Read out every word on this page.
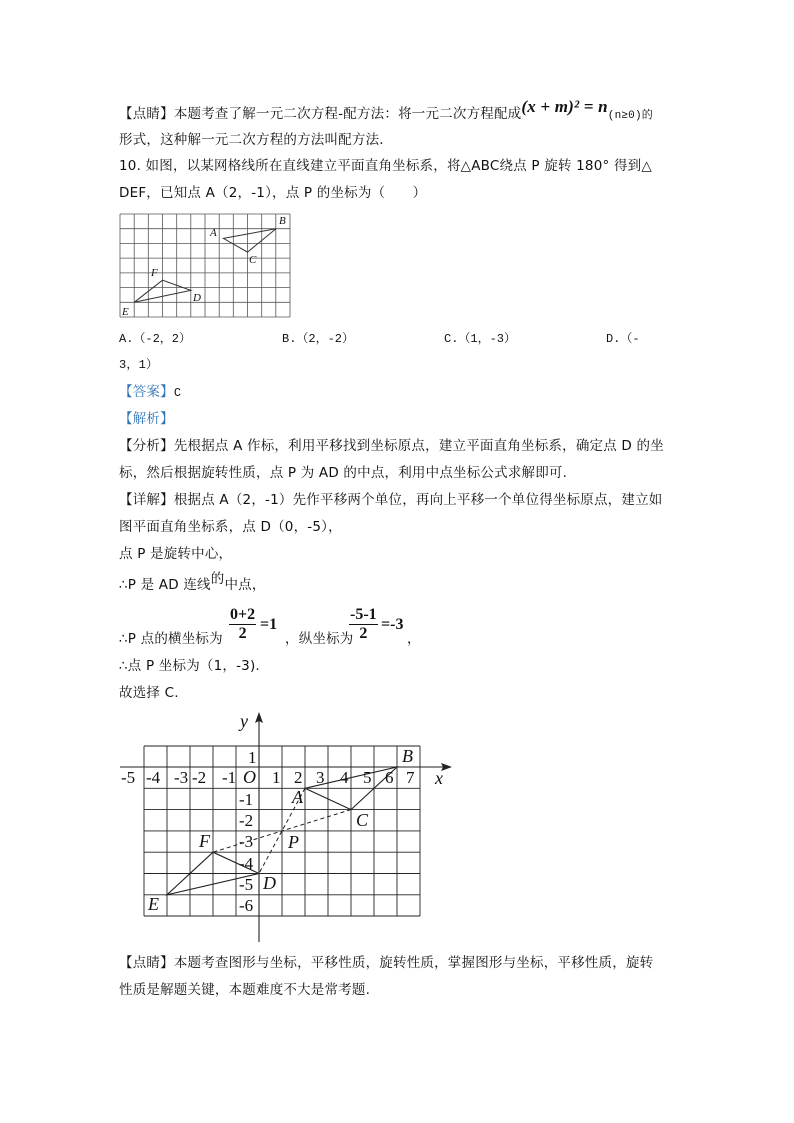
【点睛】本题考查了解一元二次方程-配方法：将一元二次方程配成(x + m)² = n(n≥0)的
形式，这种解一元二次方程的方法叫配方法.
10. 如图，以某网格线所在直线建立平面直角坐标系，将△ABC绕点 P 旋转 180° 得到△
DEF，已知点 A（2，-1），点 P 的坐标为（　　）
A
B
C
D
E
F
A.（-2，2）	B.（2，-2）	C.（1，-3）	D.（-
3，1）
【答案】C
【解析】
【分析】先根据点 A 作标，利用平移找到坐标原点，建立平面直角坐标系，确定点 D 的坐
标，然后根据旋转性质，点 P 为 AD 的中点，利用中点坐标公式求解即可.
【详解】根据点 A（2，-1）先作平移两个单位，再向上平移一个单位得坐标原点，建立如
图平面直角坐标系，点 D（0，-5），
点 P 是旋转中心，
∴P 是 AD 连线的中点，
∴P 点的横坐标为 $\frac{0+2}{2} =1$
，纵坐标为
$\frac{-5-1}{2} =-3$
，
∴点 P 坐标为（1，-3).
故选择 C.
-5 -4 -3 -2 -1 1 2 3 4 5 6 7
1
-1
-2
-3
-4
-5
-6
O	x
y
A
B
C
D
E
F	P
【点睛】本题考查图形与坐标，平移性质，旋转性质，掌握图形与坐标，平移性质，旋转
性质是解题关键，本题难度不大是常考题.
